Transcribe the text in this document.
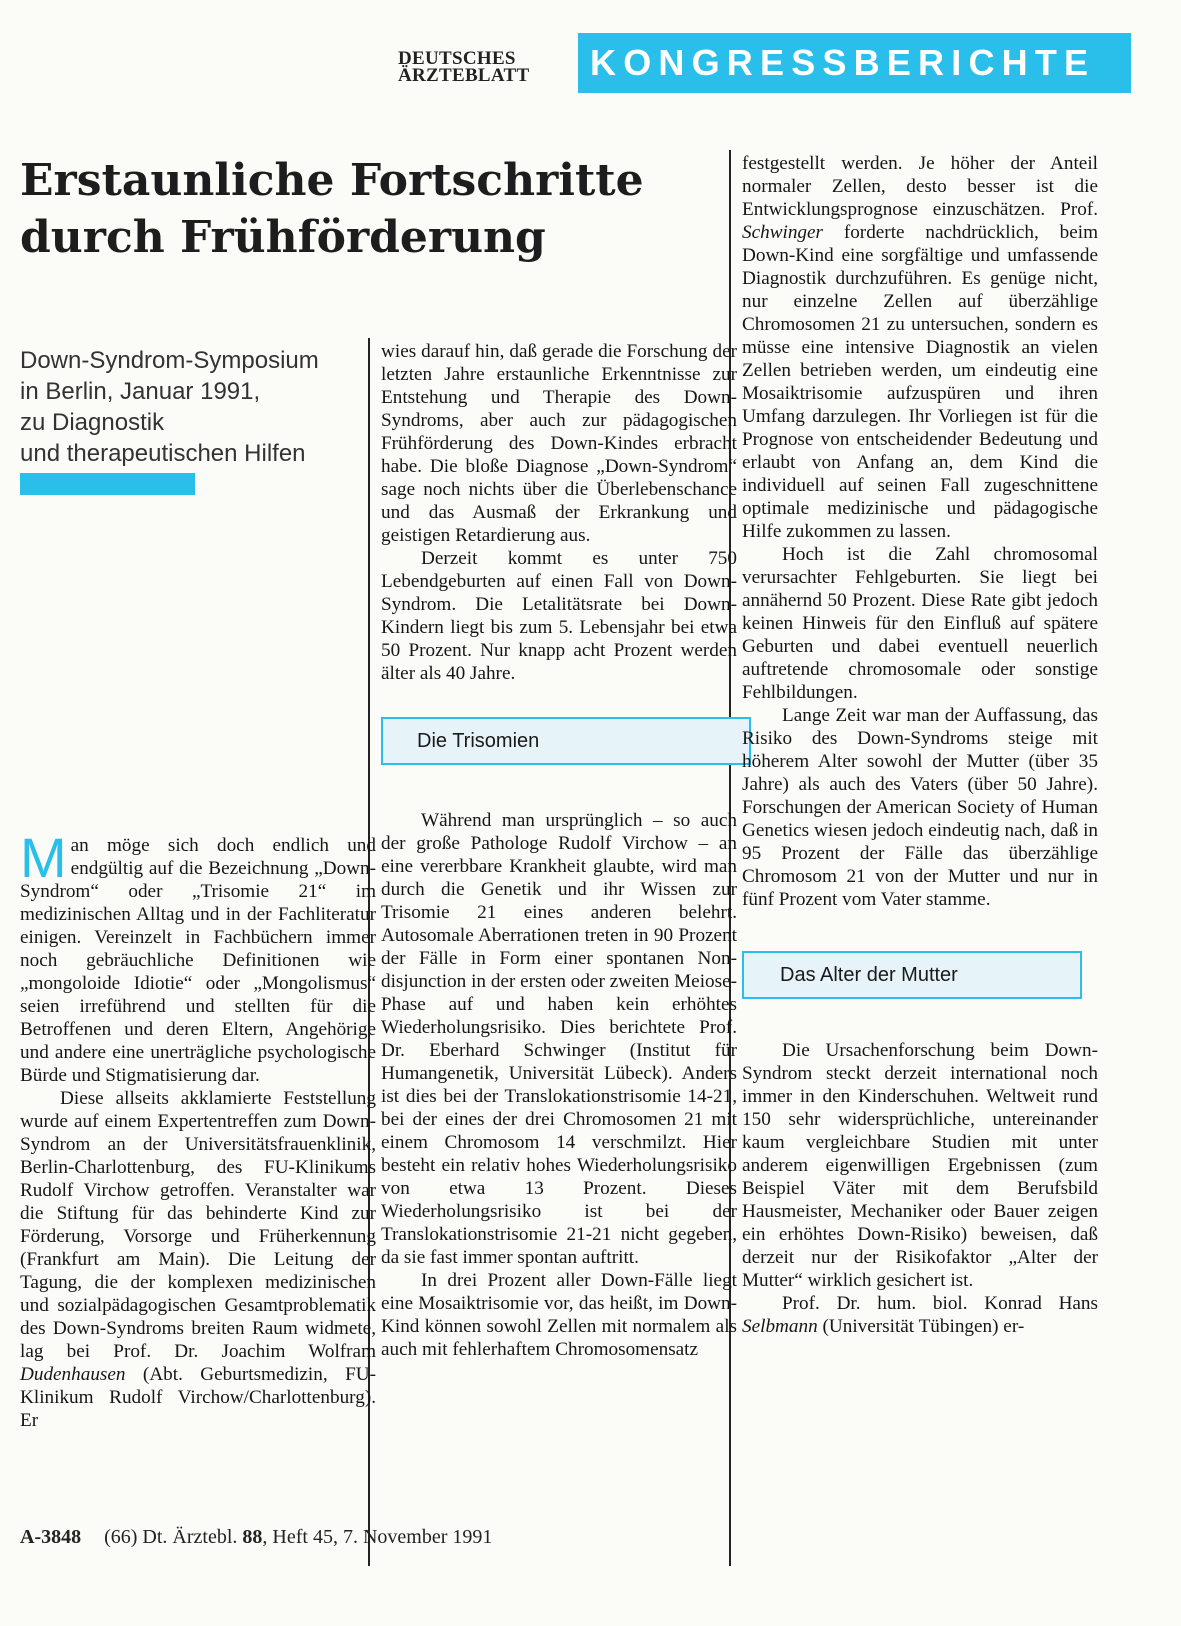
DEUTSCHES
ÄRZTEBLATT	KONGRESSBERICHTE
Erstaunliche Fortschritte durch Frühförderung
Down-Syndrom-Symposium
in Berlin, Januar 1991,
zu Diagnostik
und therapeutischen Hilfen

Man möge sich doch endlich und endgültig auf die Bezeichnung „Down-Syndrom“ oder „Trisomie 21“ im medizinischen Alltag und in der Fachliteratur einigen. Vereinzelt in Fachbüchern immer noch gebräuchliche Definitionen wie „mongoloide Idiotie“ oder „Mongolismus“ seien irreführend und stellten für die Betroffenen und deren Eltern, Angehörige und andere eine unerträgliche psychologische Bürde und Stigmatisierung dar.

Diese allseits akklamierte Feststellung wurde auf einem Expertentreffen zum Down-Syndrom an der Universitätsfrauenklinik, Berlin-Charlottenburg, des FU-Klinikums Rudolf Virchow getroffen. Veranstalter war die Stiftung für das behinderte Kind zur Förderung, Vorsorge und Früherkennung (Frankfurt am Main). Die Leitung der Tagung, die der komplexen medizinischen und sozialpädagogischen Gesamtproblematik des Down-Syndroms breiten Raum widmete, lag bei Prof. Dr. Joachim Wolfram Dudenhausen (Abt. Geburtsmedizin, FU-Klinikum Rudolf Virchow/Charlottenburg). Er

wies darauf hin, daß gerade die Forschung der letzten Jahre erstaunliche Erkenntnisse zur Entstehung und Therapie des Down-Syndroms, aber auch zur pädagogischen Frühförderung des Down-Kindes erbracht habe. Die bloße Diagnose „Down-Syndrom“ sage noch nichts über die Überlebenschance und das Ausmaß der Erkrankung und geistigen Retardierung aus.

Derzeit kommt es unter 750 Lebendgeburten auf einen Fall von Down-Syndrom. Die Letalitätsrate bei Down-Kindern liegt bis zum 5. Lebensjahr bei etwa 50 Prozent. Nur knapp acht Prozent werden älter als 40 Jahre.

Die Trisomien

Während man ursprünglich – so auch der große Pathologe Rudolf Virchow – an eine vererbbare Krankheit glaubte, wird man durch die Genetik und ihr Wissen zur Trisomie 21 eines anderen belehrt. Autosomale Aberrationen treten in 90 Prozent der Fälle in Form einer spontanen Non-disjunction in der ersten oder zweiten Meiose-Phase auf und haben kein erhöhtes Wiederholungsrisiko. Dies berichtete Prof. Dr. Eberhard Schwinger (Institut für Humangenetik, Universität Lübeck). Anders ist dies bei der Translokationstrisomie 14-21, bei der eines der drei Chromosomen 21 mit einem Chromosom 14 verschmilzt. Hier besteht ein relativ hohes Wiederholungsrisiko von etwa 13 Prozent. Dieses Wiederholungsrisiko ist bei der Translokationstrisomie 21-21 nicht gegeben, da sie fast immer spontan auftritt.

In drei Prozent aller Down-Fälle liegt eine Mosaiktrisomie vor, das heißt, im Down-Kind können sowohl Zellen mit normalem als auch mit fehlerhaftem Chromosomensatz

festgestellt werden. Je höher der Anteil normaler Zellen, desto besser ist die Entwicklungsprognose einzuschätzen. Prof. Schwinger forderte nachdrücklich, beim Down-Kind eine sorgfältige und umfassende Diagnostik durchzuführen. Es genüge nicht, nur einzelne Zellen auf überzählige Chromosomen 21 zu untersuchen, sondern es müsse eine intensive Diagnostik an vielen Zellen betrieben werden, um eindeutig eine Mosaiktrisomie aufzuspüren und ihren Umfang darzulegen. Ihr Vorliegen ist für die Prognose von entscheidender Bedeutung und erlaubt von Anfang an, dem Kind die individuell auf seinen Fall zugeschnittene optimale medizinische und pädagogische Hilfe zukommen zu lassen.

Hoch ist die Zahl chromosomal verursachter Fehlgeburten. Sie liegt bei annähernd 50 Prozent. Diese Rate gibt jedoch keinen Hinweis für den Einfluß auf spätere Geburten und dabei eventuell neuerlich auftretende chromosomale oder sonstige Fehlbildungen.

Lange Zeit war man der Auffassung, das Risiko des Down-Syndroms steige mit höherem Alter sowohl der Mutter (über 35 Jahre) als auch des Vaters (über 50 Jahre). Forschungen der American Society of Human Genetics wiesen jedoch eindeutig nach, daß in 95 Prozent der Fälle das überzählige Chromosom 21 von der Mutter und nur in fünf Prozent vom Vater stamme.

Das Alter der Mutter

Die Ursachenforschung beim Down-Syndrom steckt derzeit international noch immer in den Kinderschuhen. Weltweit rund 150 sehr widersprüchliche, untereinander kaum vergleichbare Studien mit unter anderem eigenwilligen Ergebnissen (zum Beispiel Väter mit dem Berufsbild Hausmeister, Mechaniker oder Bauer zeigen ein erhöhtes Down-Risiko) beweisen, daß derzeit nur der Risikofaktor „Alter der Mutter“ wirklich gesichert ist.

Prof. Dr. hum. biol. Konrad Hans Selbmann (Universität Tübingen) er-

A-3848 (66) Dt. Ärztebl. 88, Heft 45, 7. November 1991
